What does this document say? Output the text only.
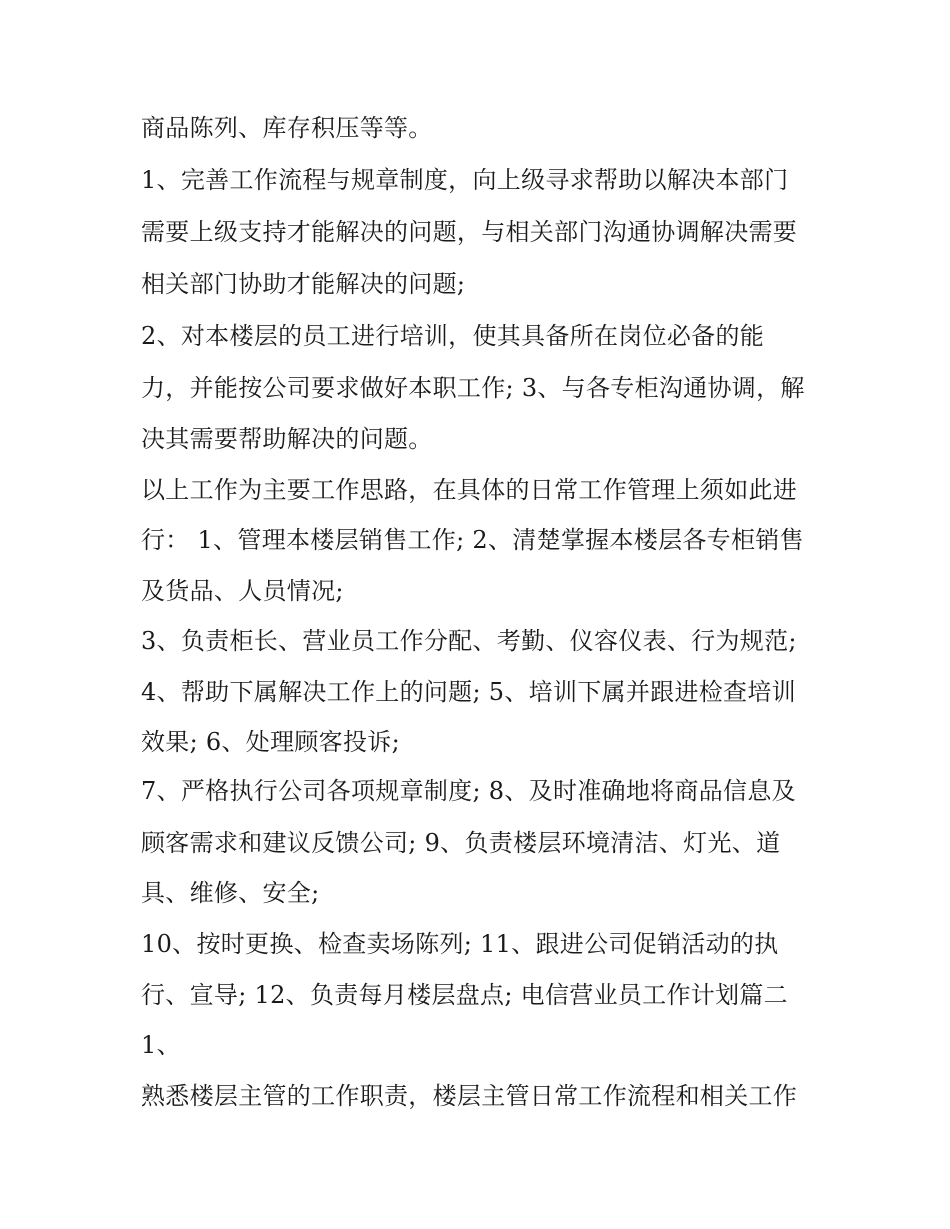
商品陈列、库存积压等等。
1、完善工作流程与规章制度，向上级寻求帮助以解决本部门
需要上级支持才能解决的问题，与相关部门沟通协调解决需要
相关部门协助才能解决的问题;
2、对本楼层的员工进行培训，使其具备所在岗位必备的能
力，并能按公司要求做好本职工作; 3、与各专柜沟通协调，解
决其需要帮助解决的问题。
以上工作为主要工作思路，在具体的日常工作管理上须如此进
行： 1、管理本楼层销售工作; 2、清楚掌握本楼层各专柜销售
及货品、人员情况;
3、负责柜长、营业员工作分配、考勤、仪容仪表、行为规范;
4、帮助下属解决工作上的问题; 5、培训下属并跟进检查培训
效果; 6、处理顾客投诉;
7、严格执行公司各项规章制度; 8、及时准确地将商品信息及
顾客需求和建议反馈公司; 9、负责楼层环境清洁、灯光、道
具、维修、安全;
10、按时更换、检查卖场陈列; 11、跟进公司促销活动的执
行、宣导; 12、负责每月楼层盘点; 电信营业员工作计划篇二
1、
熟悉楼层主管的工作职责，楼层主管日常工作流程和相关工作
